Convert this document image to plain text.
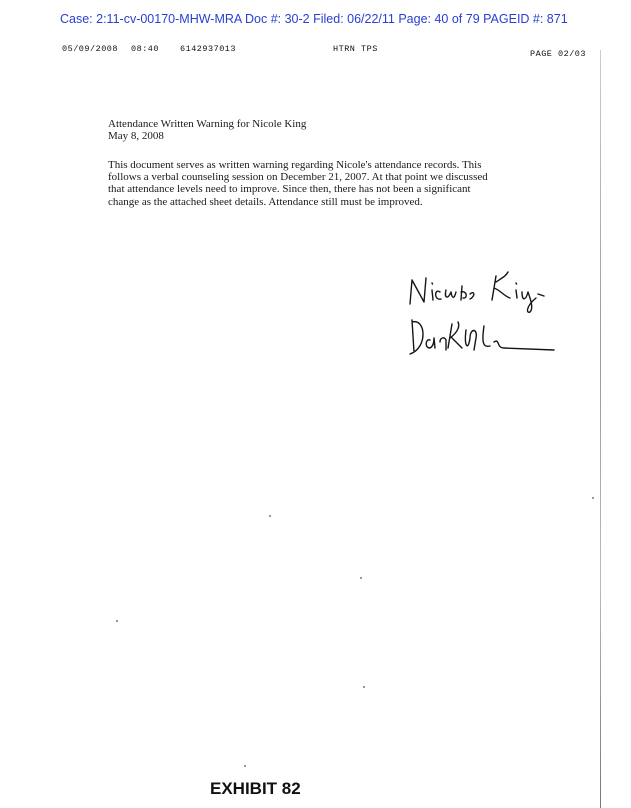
Case: 2:11-cv-00170-MHW-MRA Doc #: 30-2 Filed: 06/22/11 Page: 40 of 79 PAGEID #: 871
05/09/2008 08:40 6142937013	HTRN TPS	PAGE 02/03
Attendance Written Warning for Nicole King
May 8, 2008
This document serves as written warning regarding Nicole's attendance records. This
follows a verbal counseling session on December 21, 2007. At that point we discussed
that attendance levels need to improve. Since then, there has not been a significant
change as the attached sheet details. Attendance still must be improved.
EXHIBIT 82
